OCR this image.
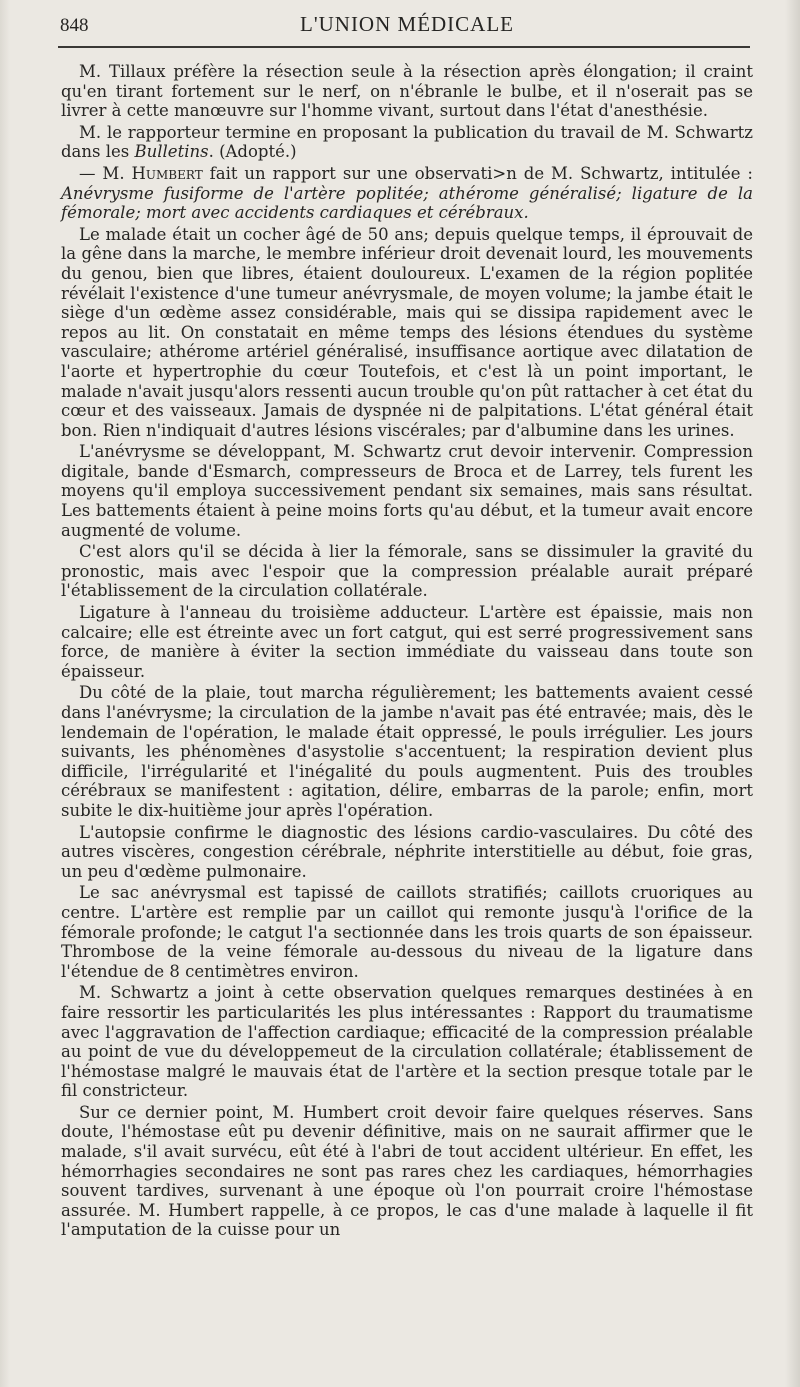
848	L'UNION MÉDICALE

M. Tillaux préfère la résection seule à la résection après élongation; il craint qu'en tirant fortement sur le nerf, on n'ébranle le bulbe, et il n'oserait pas se livrer à cette manœuvre sur l'homme vivant, surtout dans l'état d'anesthésie.

M. le rapporteur termine en proposant la publication du travail de M. Schwartz dans les Bulletins. (Adopté.)

— M. Humbert fait un rapport sur une observati>n de M. Schwartz, intitulée : Anévrysme fusiforme de l'artère poplitée; athérome généralisé; ligature de la fémorale; mort avec accidents cardiaques et cérébraux.

Le malade était un cocher âgé de 50 ans; depuis quelque temps, il éprouvait de la gêne dans la marche, le membre inférieur droit devenait lourd, les mouvements du genou, bien que libres, étaient douloureux. L'examen de la région poplitée révélait l'existence d'une tumeur anévrysmale, de moyen volume; la jambe était le siège d'un œdème assez considérable, mais qui se dissipa rapidement avec le repos au lit. On constatait en même temps des lésions étendues du système vasculaire; athérome artériel généralisé, insuffisance aortique avec dilatation de l'aorte et hypertrophie du cœur Toutefois, et c'est là un point important, le malade n'avait jusqu'alors ressenti aucun trouble qu'on pût rattacher à cet état du cœur et des vaisseaux. Jamais de dyspnée ni de palpitations. L'état général était bon. Rien n'indiquait d'autres lésions viscérales; par d'albumine dans les urines.

L'anévrysme se développant, M. Schwartz crut devoir intervenir. Compression digitale, bande d'Esmarch, compresseurs de Broca et de Larrey, tels furent les moyens qu'il employa successivement pendant six semaines, mais sans résultat. Les battements étaient à peine moins forts qu'au début, et la tumeur avait encore augmenté de volume.

C'est alors qu'il se décida à lier la fémorale, sans se dissimuler la gravité du pronostic, mais avec l'espoir que la compression préalable aurait préparé l'établissement de la circulation collatérale.

Ligature à l'anneau du troisième adducteur. L'artère est épaissie, mais non calcaire; elle est étreinte avec un fort catgut, qui est serré progressivement sans force, de manière à éviter la section immédiate du vaisseau dans toute son épaisseur.

Du côté de la plaie, tout marcha régulièrement; les battements avaient cessé dans l'anévrysme; la circulation de la jambe n'avait pas été entravée; mais, dès le lendemain de l'opération, le malade était oppressé, le pouls irrégulier. Les jours suivants, les phénomènes d'asystolie s'accentuent; la respiration devient plus difficile, l'irrégularité et l'inégalité du pouls augmentent. Puis des troubles cérébraux se manifestent : agitation, délire, embarras de la parole; enfin, mort subite le dix-huitième jour après l'opération.

L'autopsie confirme le diagnostic des lésions cardio-vasculaires. Du côté des autres viscères, congestion cérébrale, néphrite interstitielle au début, foie gras, un peu d'œdème pulmonaire.

Le sac anévrysmal est tapissé de caillots stratifiés; caillots cruoriques au centre. L'artère est remplie par un caillot qui remonte jusqu'à l'orifice de la fémorale profonde; le catgut l'a sectionnée dans les trois quarts de son épaisseur. Thrombose de la veine fémorale au-dessous du niveau de la ligature dans l'étendue de 8 centimètres environ.

M. Schwartz a joint à cette observation quelques remarques destinées à en faire ressortir les particularités les plus intéressantes : Rapport du traumatisme avec l'aggravation de l'affection cardiaque; efficacité de la compression préalable au point de vue du développemeut de la circulation collatérale; établissement de l'hémostase malgré le mauvais état de l'artère et la section presque totale par le fil constricteur.

Sur ce dernier point, M. Humbert croit devoir faire quelques réserves. Sans doute, l'hémostase eût pu devenir définitive, mais on ne saurait affirmer que le malade, s'il avait survécu, eût été à l'abri de tout accident ultérieur. En effet, les hémorrhagies secondaires ne sont pas rares chez les cardiaques, hémorrhagies souvent tardives, survenant à une époque où l'on pourrait croire l'hémostase assurée. M. Humbert rappelle, à ce propos, le cas d'une malade à laquelle il fit l'amputation de la cuisse pour un
